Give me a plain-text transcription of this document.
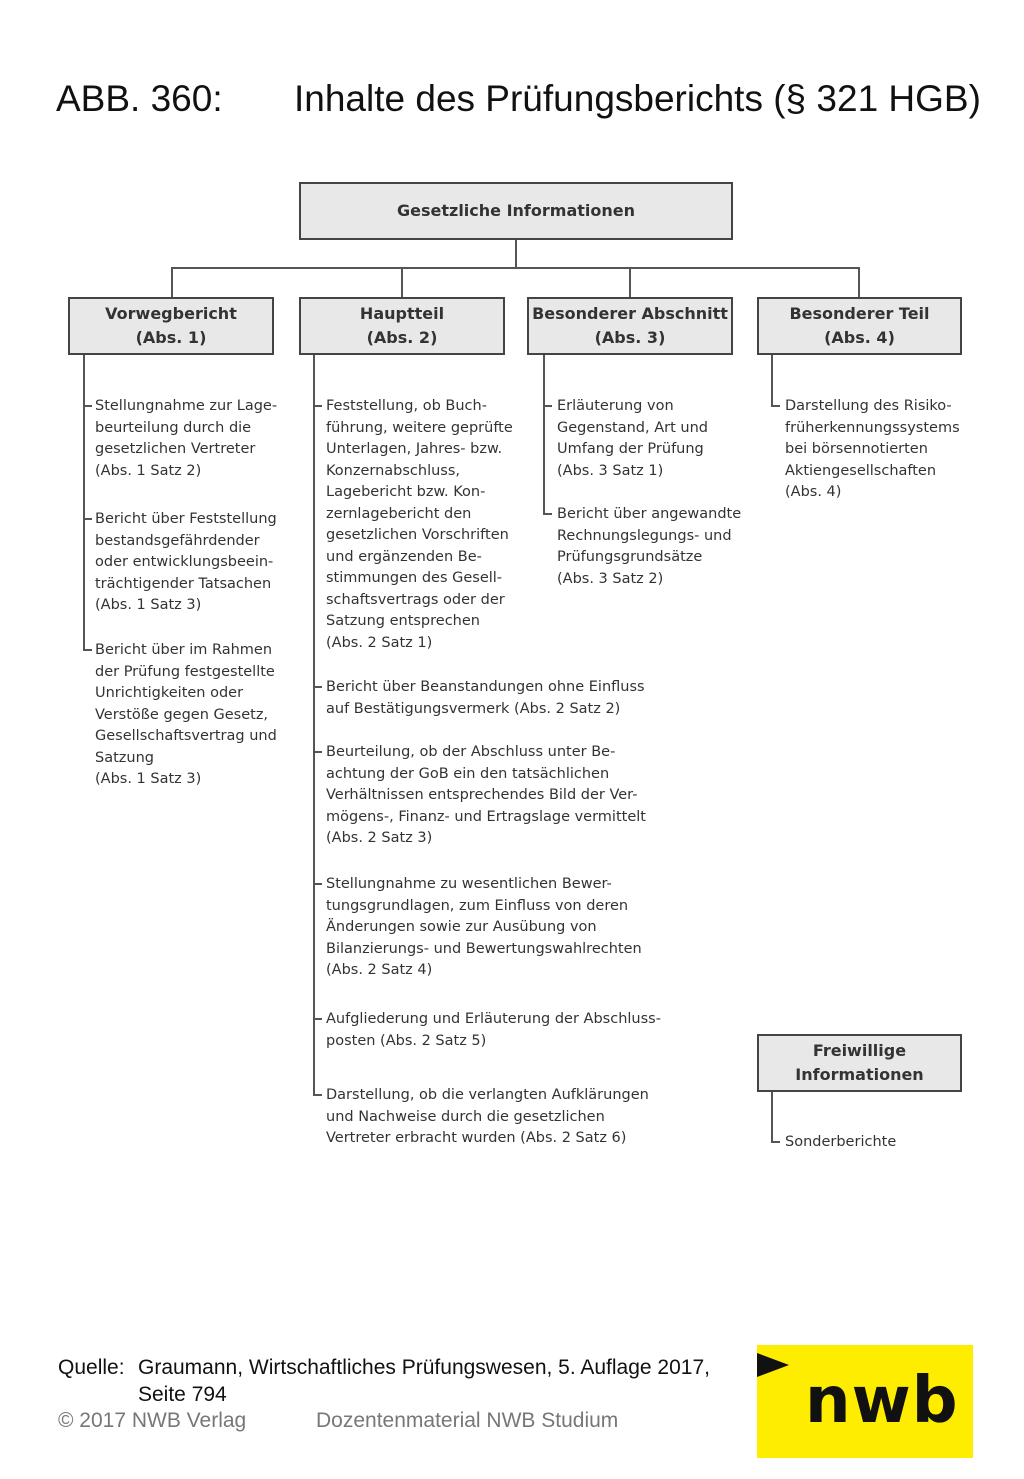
ABB. 360: Inhalte des Prüfungsberichts (§ 321 HGB)
Gesetzliche Informationen
Vorwegbericht
(Abs. 1)
Stellungnahme zur Lage-
beurteilung durch die
gesetzlichen Vertreter
(Abs. 1 Satz 2)
Bericht über Feststellung
bestandsgefährdender
oder entwicklungsbeein-
trächtigender Tatsachen
(Abs. 1 Satz 3)
Bericht über im Rahmen
der Prüfung festgestellte
Unrichtigkeiten oder
Verstöße gegen Gesetz,
Gesellschaftsvertrag und
Satzung
(Abs. 1 Satz 3)
Hauptteil
(Abs. 2)
Feststellung, ob Buch-
führung, weitere geprüfte
Unterlagen, Jahres- bzw.
Konzernabschluss,
Lagebericht bzw. Kon-
zernlagebericht den
gesetzlichen Vorschriften
und ergänzenden Be-
stimmungen des Gesell-
schaftsvertrags oder der
Satzung entsprechen
(Abs. 2 Satz 1)
Bericht über Beanstandungen ohne Einfluss
auf Bestätigungsvermerk (Abs. 2 Satz 2)
Beurteilung, ob der Abschluss unter Be-
achtung der GoB ein den tatsächlichen
Verhältnissen entsprechendes Bild der Ver-
mögens-, Finanz- und Ertragslage vermittelt
(Abs. 2 Satz 3)
Stellungnahme zu wesentlichen Bewer-
tungsgrundlagen, zum Einfluss von deren
Änderungen sowie zur Ausübung von
Bilanzierungs- und Bewertungswahlrechten
(Abs. 2 Satz 4)
Aufgliederung und Erläuterung der Abschluss-
posten (Abs. 2 Satz 5)
Darstellung, ob die verlangten Aufklärungen
und Nachweise durch die gesetzlichen
Vertreter erbracht wurden (Abs. 2 Satz 6)
Besonderer Abschnitt
(Abs. 3)
Erläuterung von
Gegenstand, Art und
Umfang der Prüfung
(Abs. 3 Satz 1)
Bericht über angewandte
Rechnungslegungs- und
Prüfungsgrundsätze
(Abs. 3 Satz 2)
Besonderer Teil
(Abs. 4)
Darstellung des Risiko-
früherkennungssystems
bei börsennotierten
Aktiengesellschaften
(Abs. 4)
Freiwillige
Informationen
Sonderberichte
Quelle: Graumann, Wirtschaftliches Prüfungswesen, 5. Auflage 2017,
Seite 794
© 2017 NWB Verlag	Dozentenmaterial NWB Studium	nwb
